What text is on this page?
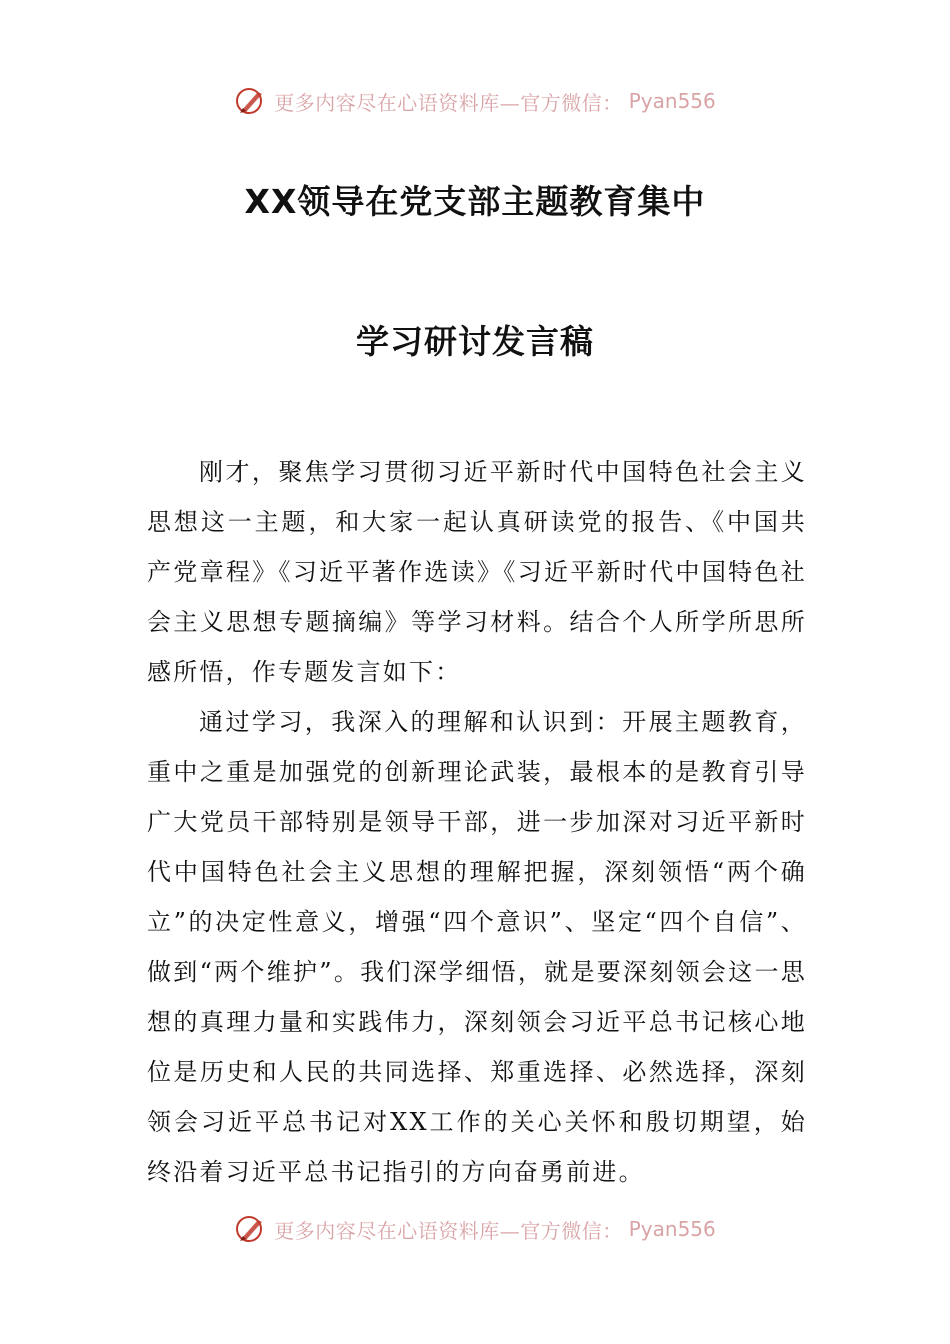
更多内容尽在心语资料库—官方微信： Pyan556
XX领导在党支部主题教育集中
学习研讨发言稿

刚才，聚焦学习贯彻习近平新时代中国特色社会主义思想这一主题，和大家一起认真研读党的报告、《中国共产党章程》《习近平著作选读》《习近平新时代中国特色社会主义思想专题摘编》等学习材料。结合个人所学所思所感所悟，作专题发言如下：

通过学习，我深入的理解和认识到：开展主题教育，重中之重是加强党的创新理论武装，最根本的是教育引导广大党员干部特别是领导干部，进一步加深对习近平新时代中国特色社会主义思想的理解把握，深刻领悟“两个确立”的决定性意义，增强“四个意识”、坚定“四个自信”、做到“两个维护”。我们深学细悟，就是要深刻领会这一思想的真理力量和实践伟力，深刻领会习近平总书记核心地位是历史和人民的共同选择、郑重选择、必然选择，深刻领会习近平总书记对XX工作的关心关怀和殷切期望，始终沿着习近平总书记指引的方向奋勇前进。

更多内容尽在心语资料库—官方微信： Pyan556
